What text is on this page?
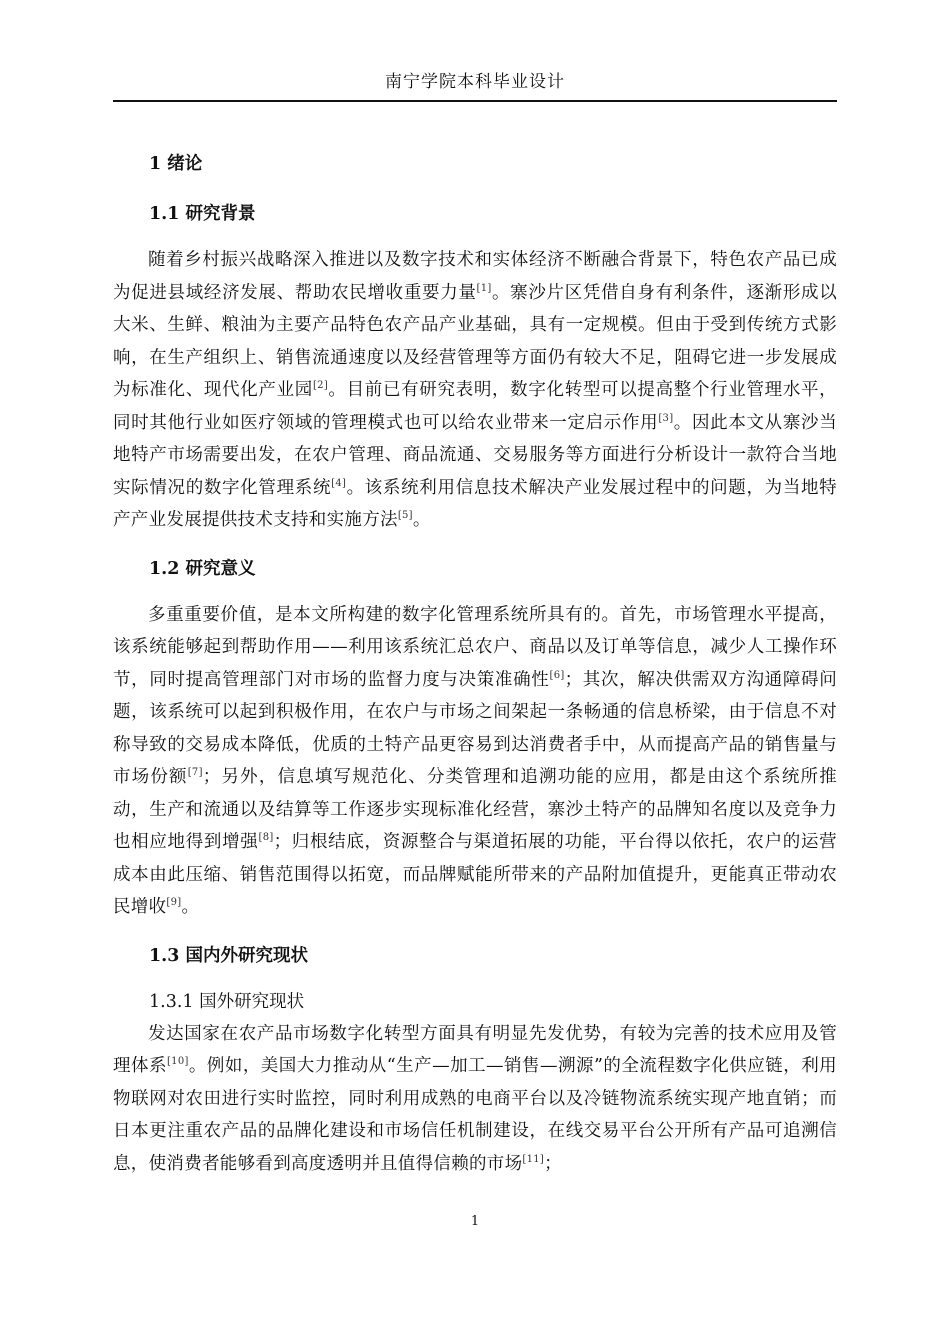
南宁学院本科毕业设计
1 绪论
1.1 研究背景

随着乡村振兴战略深入推进以及数字技术和实体经济不断融合背景下，特色农产品已成为促进县域经济发展、帮助农民增收重要力量[1]。寨沙片区凭借自身有利条件，逐渐形成以大米、生鲜、粮油为主要产品特色农产品产业基础，具有一定规模。但由于受到传统方式影响，在生产组织上、销售流通速度以及经营管理等方面仍有较大不足，阻碍它进一步发展成为标准化、现代化产业园[2]。目前已有研究表明，数字化转型可以提高整个行业管理水平，同时其他行业如医疗领域的管理模式也可以给农业带来一定启示作用[3]。因此本文从寨沙当地特产市场需要出发，在农户管理、商品流通、交易服务等方面进行分析设计一款符合当地实际情况的数字化管理系统[4]。该系统利用信息技术解决产业发展过程中的问题，为当地特产产业发展提供技术支持和实施方法[5]。

1.2 研究意义

多重重要价值，是本文所构建的数字化管理系统所具有的。首先，市场管理水平提高，该系统能够起到帮助作用——利用该系统汇总农户、商品以及订单等信息，减少人工操作环节，同时提高管理部门对市场的监督力度与决策准确性[6]；其次，解决供需双方沟通障碍问题，该系统可以起到积极作用，在农户与市场之间架起一条畅通的信息桥梁，由于信息不对称导致的交易成本降低，优质的土特产品更容易到达消费者手中，从而提高产品的销售量与市场份额[7]；另外，信息填写规范化、分类管理和追溯功能的应用，都是由这个系统所推动，生产和流通以及结算等工作逐步实现标准化经营，寨沙土特产的品牌知名度以及竞争力也相应地得到增强[8]；归根结底，资源整合与渠道拓展的功能，平台得以依托，农户的运营成本由此压缩、销售范围得以拓宽，而品牌赋能所带来的产品附加值提升，更能真正带动农民增收[9]。

1.3 国内外研究现状
1.3.1 国外研究现状

发达国家在农产品市场数字化转型方面具有明显先发优势，有较为完善的技术应用及管理体系[10]。例如，美国大力推动从“生产—加工—销售—溯源”的全流程数字化供应链，利用物联网对农田进行实时监控，同时利用成熟的电商平台以及冷链物流系统实现产地直销；而日本更注重农产品的品牌化建设和市场信任机制建设，在线交易平台公开所有产品可追溯信息，使消费者能够看到高度透明并且值得信赖的市场[11]；

1
